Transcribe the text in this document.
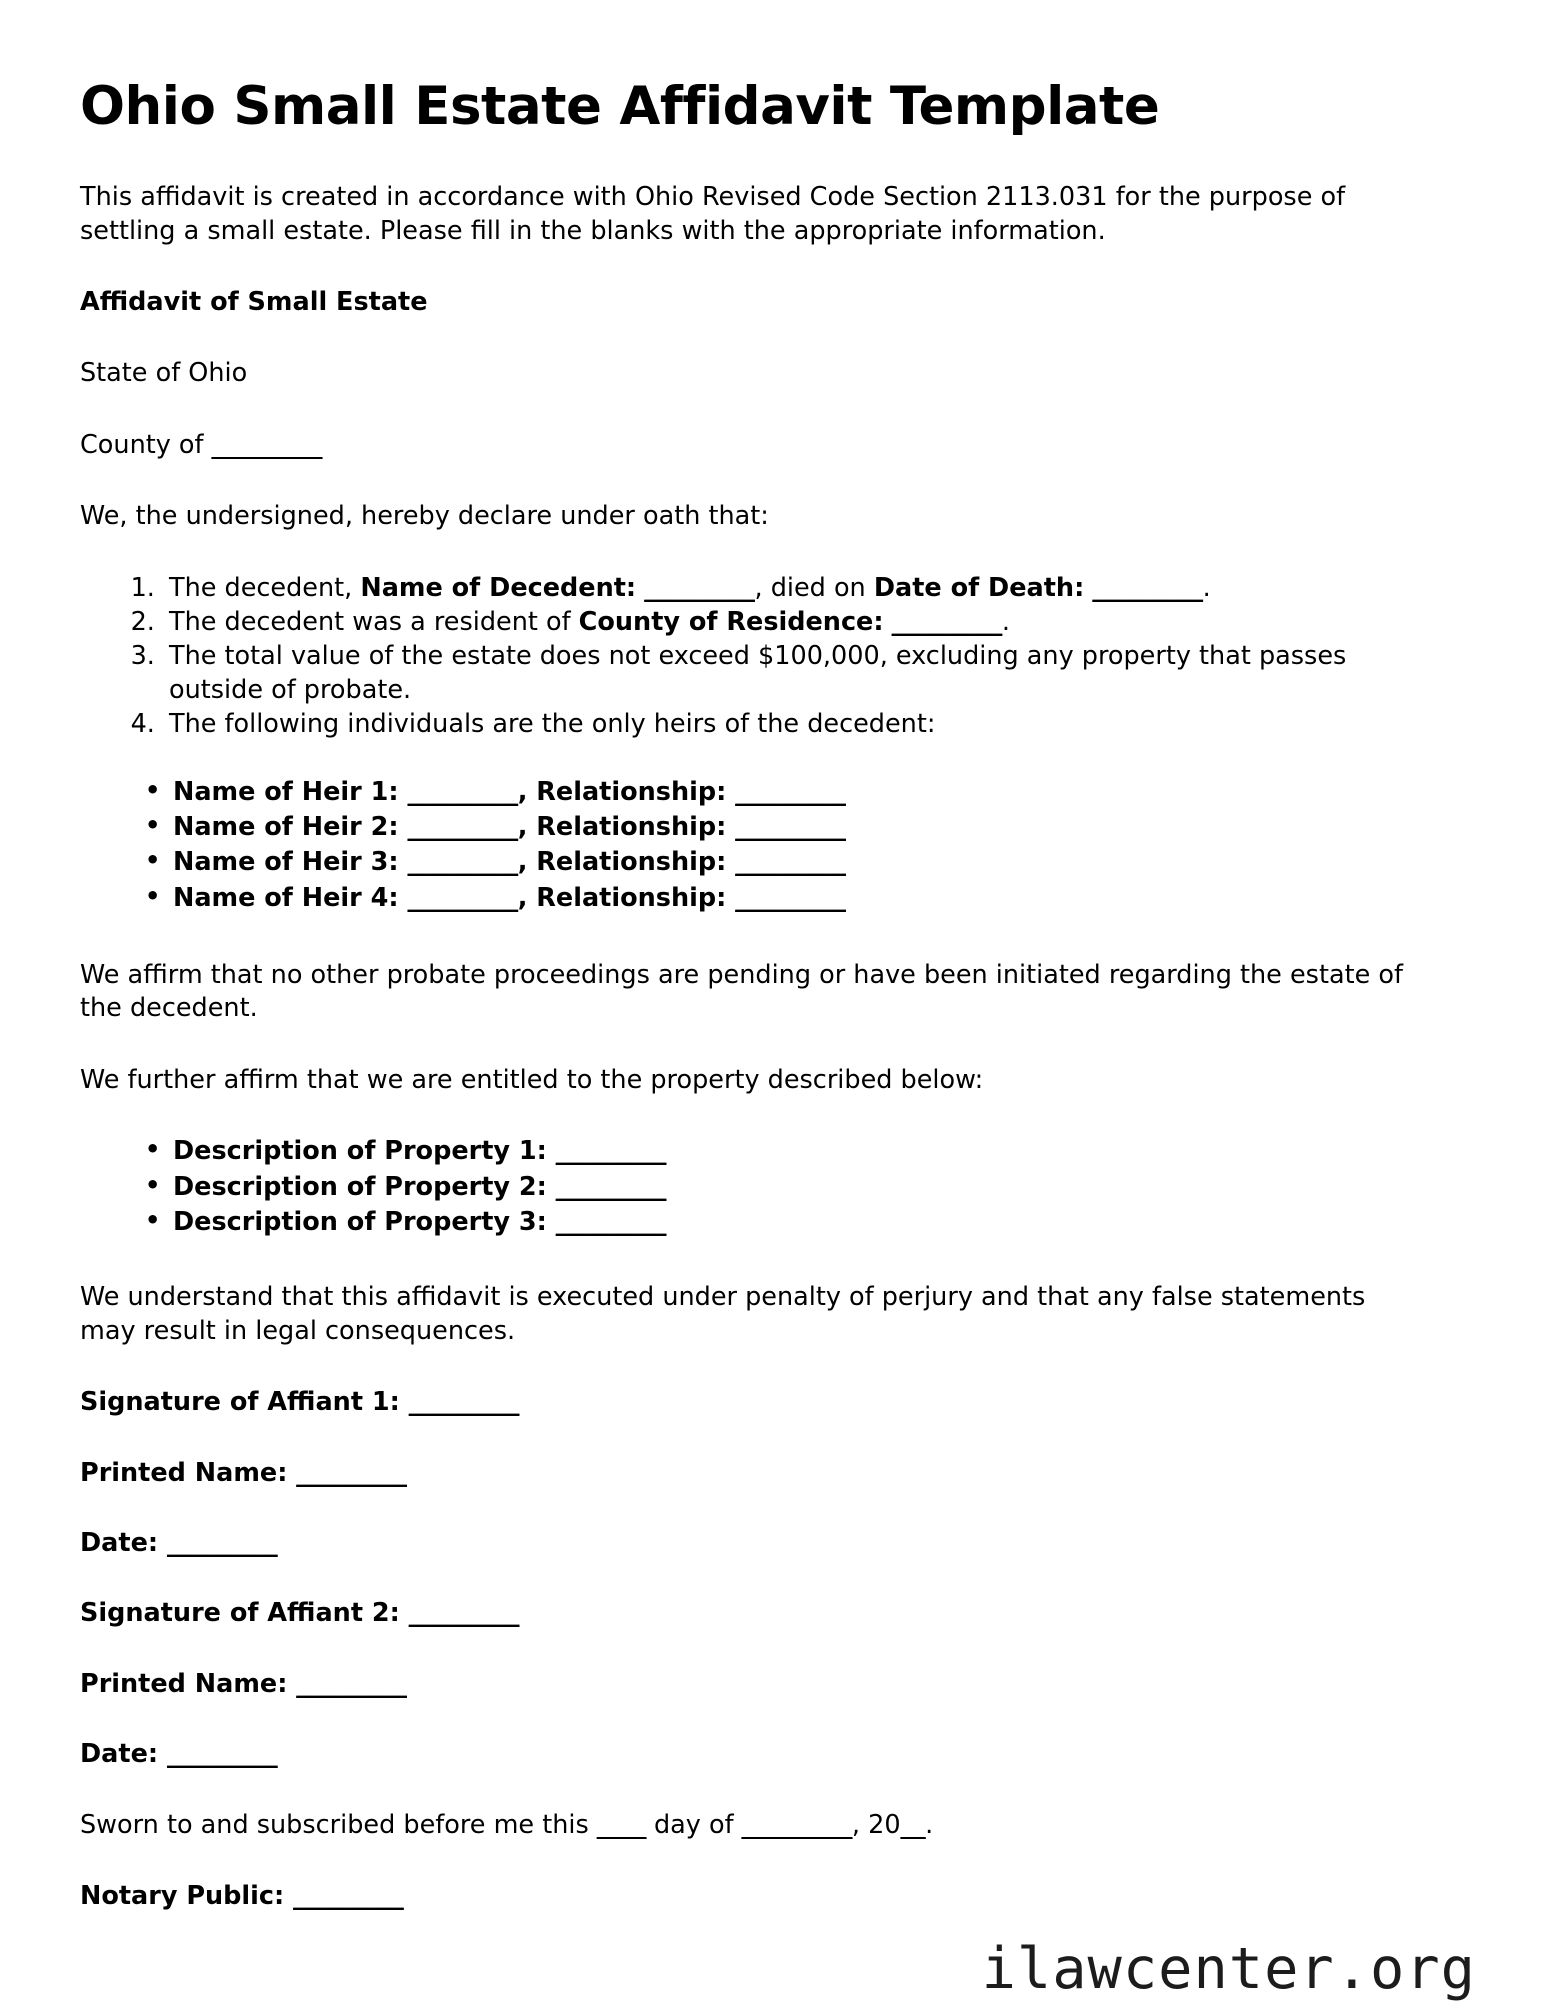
Ohio Small Estate Affidavit Template

This affidavit is created in accordance with Ohio Revised Code Section 2113.031 for the purpose of settling a small estate. Please fill in the blanks with the appropriate information.

Affidavit of Small Estate

State of Ohio

County of _________

We, the undersigned, hereby declare under oath that:

1. The decedent, Name of Decedent: _________, died on Date of Death: _________.
2. The decedent was a resident of County of Residence: _________.
3. The total value of the estate does not exceed $100,000, excluding any property that passes outside of probate.
4. The following individuals are the only heirs of the decedent:
• Name of Heir 1: _________, Relationship: _________
• Name of Heir 2: _________, Relationship: _________
• Name of Heir 3: _________, Relationship: _________
• Name of Heir 4: _________, Relationship: _________

We affirm that no other probate proceedings are pending or have been initiated regarding the estate of the decedent.

We further affirm that we are entitled to the property described below:

• Description of Property 1: _________
• Description of Property 2: _________
• Description of Property 3: _________

We understand that this affidavit is executed under penalty of perjury and that any false statements may result in legal consequences.

Signature of Affiant 1: _________

Printed Name: _________

Date: _________

Signature of Affiant 2: _________

Printed Name: _________

Date: _________

Sworn to and subscribed before me this ____ day of _________, 20__.

Notary Public: _________

ilawcenter.org
